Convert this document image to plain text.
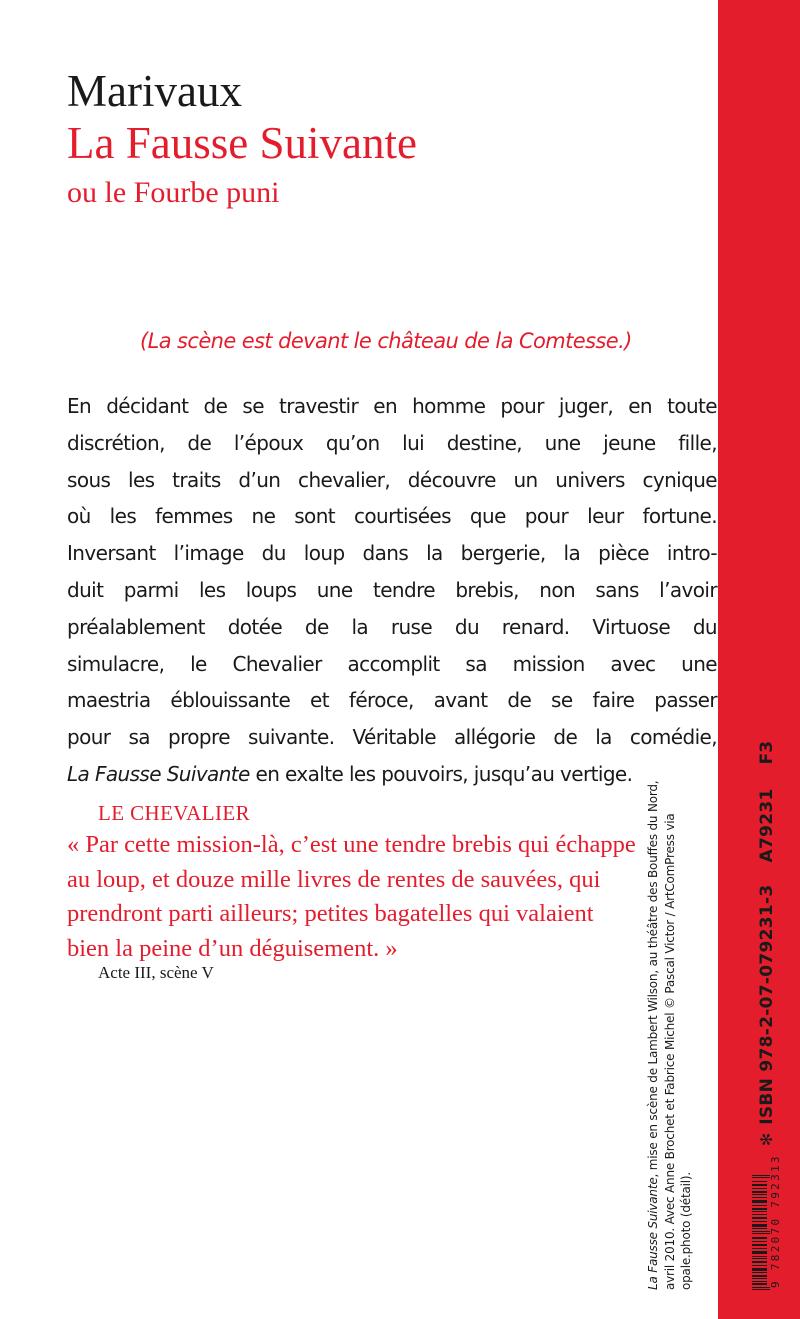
Marivaux
La Fausse Suivante
ou le Fourbe puni
(La scène est devant le château de la Comtesse.)
En décidant de se travestir en homme pour juger, en toute
discrétion, de l’époux qu’on lui destine, une jeune fille,
sous les traits d’un chevalier, découvre un univers cynique
où les femmes ne sont courtisées que pour leur fortune.
Inversant l’image du loup dans la bergerie, la pièce intro-
duit parmi les loups une tendre brebis, non sans l’avoir
préalablement dotée de la ruse du renard. Virtuose du
simulacre, le Chevalier accomplit sa mission avec une
maestria éblouissante et féroce, avant de se faire passer
pour sa propre suivante. Véritable allégorie de la comédie,
La Fausse Suivante en exalte les pouvoirs, jusqu’au vertige.
LE CHEVALIER
« Par cette mission-là, c’est une tendre brebis qui échappe
au loup, et douze mille livres de rentes de sauvées, qui
prendront parti ailleurs; petites bagatelles qui valaient
bien la peine d’un déguisement. »
Acte III, scène V
La Fausse Suivante, mise en scène de Lambert Wilson, au théâtre des Bouffes du Nord, avril 2010. Avec Anne Brochet et Fabrice Michel © Pascal Victor / ArtComPress via opale.photo (détail).	9 782070 792313
✻
ISBN 978-2-07-079231-3
A79231
F3
